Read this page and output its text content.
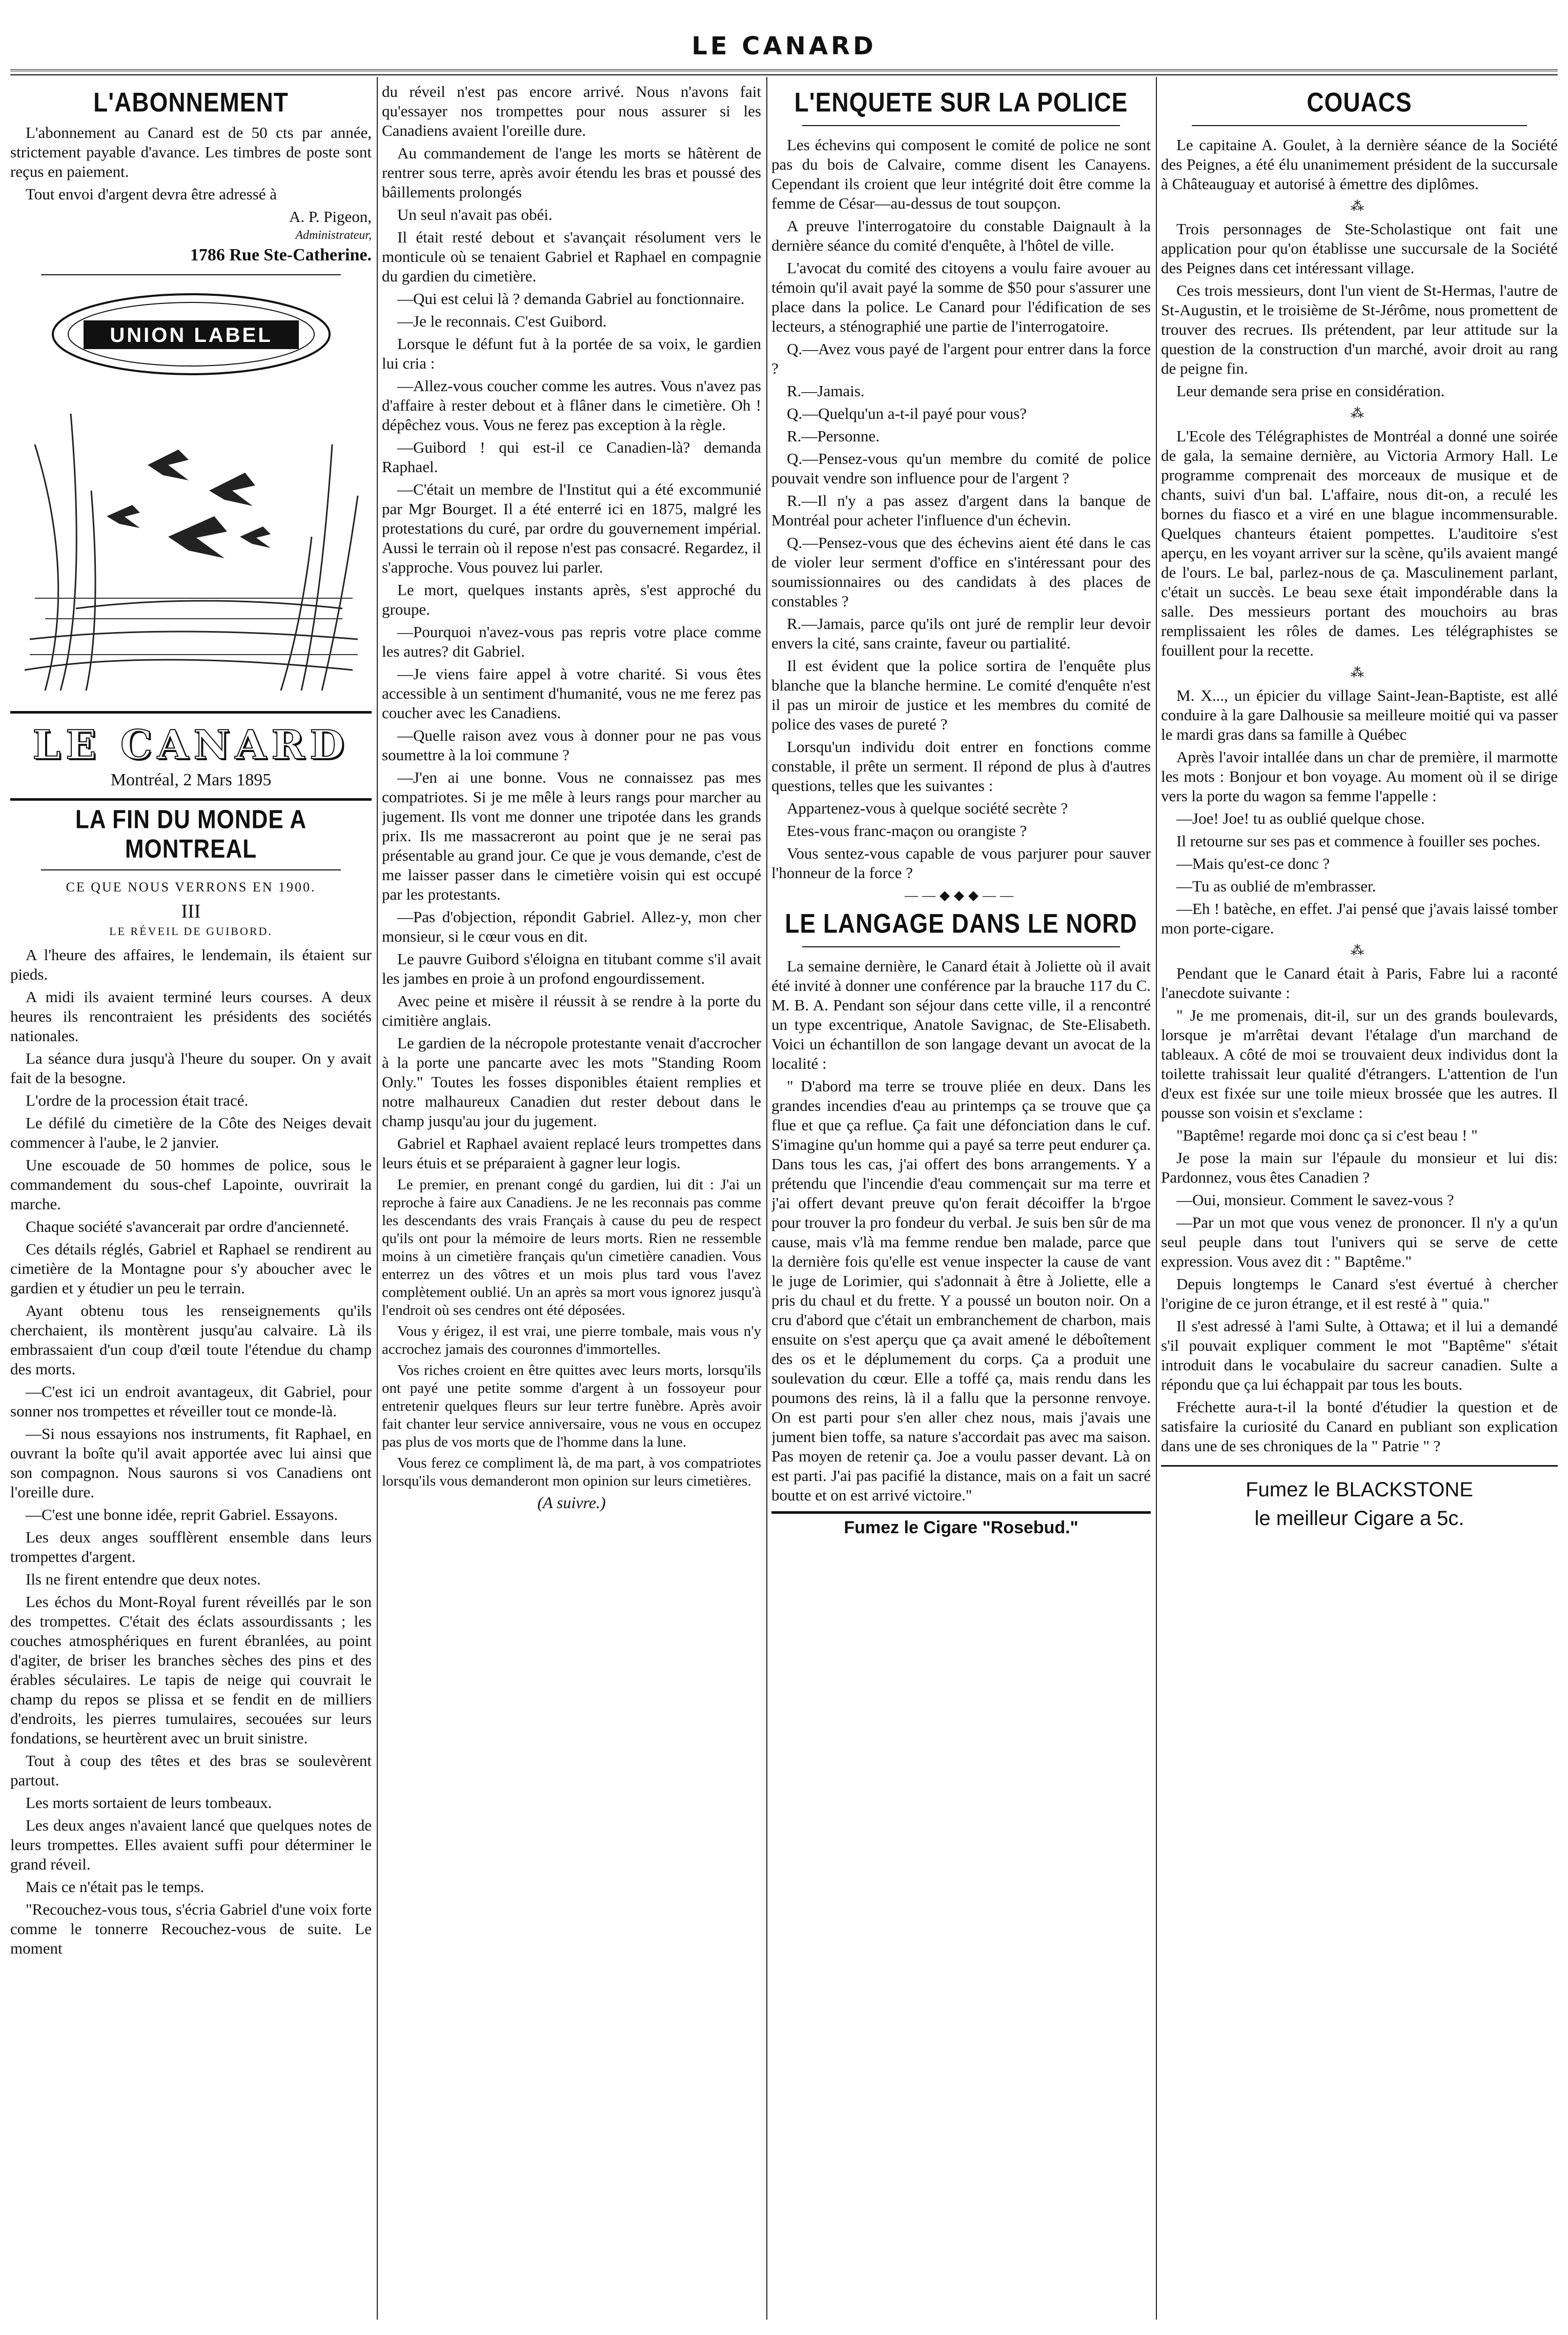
LE CANARD
L'ABONNEMENT

L'abonnement au Canard est de 50 cts par année, strictement payable d'avance. Les timbres de poste sont reçus en paiement.

Tout envoi d'argent devra être adressé à

A. P. Pigeon,
Administrateur,
1786 Rue Ste-Catherine.
UNION LABEL
LE CANARD
Montréal, 2 Mars 1895
LA FIN DU MONDE A MONTREAL
CE QUE NOUS VERRONS EN 1900.
III
LE RÉVEIL DE GUIBORD.

A l'heure des affaires, le lendemain, ils étaient sur pieds.

A midi ils avaient terminé leurs courses. A deux heures ils rencontraient les présidents des sociétés nationales.

La séance dura jusqu'à l'heure du souper. On y avait fait de la besogne.

L'ordre de la procession était tracé.

Le défilé du cimetière de la Côte des Neiges devait commencer à l'aube, le 2 janvier.

Une escouade de 50 hommes de police, sous le commandement du sous-chef Lapointe, ouvrirait la marche.

Chaque société s'avancerait par ordre d'ancienneté.

Ces détails réglés, Gabriel et Raphael se rendirent au cimetière de la Montagne pour s'y aboucher avec le gardien et y étudier un peu le terrain.

Ayant obtenu tous les renseignements qu'ils cherchaient, ils montèrent jusqu'au calvaire. Là ils embrassaient d'un coup d'œil toute l'étendue du champ des morts.

—C'est ici un endroit avantageux, dit Gabriel, pour sonner nos trompettes et réveiller tout ce monde-là.

—Si nous essayions nos instruments, fit Raphael, en ouvrant la boîte qu'il avait apportée avec lui ainsi que son compagnon. Nous saurons si vos Canadiens ont l'oreille dure.

—C'est une bonne idée, reprit Gabriel. Essayons.

Les deux anges soufflèrent ensemble dans leurs trompettes d'argent.

Ils ne firent entendre que deux notes.

Les échos du Mont-Royal furent réveillés par le son des trompettes. C'était des éclats assourdissants ; les couches atmosphériques en furent ébranlées, au point d'agiter, de briser les branches sèches des pins et des érables séculaires. Le tapis de neige qui couvrait le champ du repos se plissa et se fendit en de milliers d'endroits, les pierres tumulaires, secouées sur leurs fondations, se heurtèrent avec un bruit sinistre.

Tout à coup des têtes et des bras se soulevèrent partout.

Les morts sortaient de leurs tombeaux.

Les deux anges n'avaient lancé que quelques notes de leurs trompettes. Elles avaient suffi pour déterminer le grand réveil.

Mais ce n'était pas le temps.

"Recouchez-vous tous, s'écria Gabriel d'une voix forte comme le tonnerre Recouchez-vous de suite. Le moment

du réveil n'est pas encore arrivé. Nous n'avons fait qu'essayer nos trompettes pour nous assurer si les Canadiens avaient l'oreille dure.

Au commandement de l'ange les morts se hâtèrent de rentrer sous terre, après avoir étendu les bras et poussé des bâillements prolongés

Un seul n'avait pas obéi.

Il était resté debout et s'avançait résolument vers le monticule où se tenaient Gabriel et Raphael en compagnie du gardien du cimetière.

—Qui est celui là ? demanda Gabriel au fonctionnaire.

—Je le reconnais. C'est Guibord.

Lorsque le défunt fut à la portée de sa voix, le gardien lui cria :

—Allez-vous coucher comme les autres. Vous n'avez pas d'affaire à rester debout et à flâner dans le cimetière. Oh ! dépêchez vous. Vous ne ferez pas exception à la règle.

—Guibord ! qui est-il ce Canadien-là? demanda Raphael.

—C'était un membre de l'Institut qui a été excommunié par Mgr Bourget. Il a été enterré ici en 1875, malgré les protestations du curé, par ordre du gouvernement impérial. Aussi le terrain où il repose n'est pas consacré. Regardez, il s'approche. Vous pouvez lui parler.

Le mort, quelques instants après, s'est approché du groupe.

—Pourquoi n'avez-vous pas repris votre place comme les autres? dit Gabriel.

—Je viens faire appel à votre charité. Si vous êtes accessible à un sentiment d'humanité, vous ne me ferez pas coucher avec les Canadiens.

—Quelle raison avez vous à donner pour ne pas vous soumettre à la loi commune ?

—J'en ai une bonne. Vous ne connaissez pas mes compatriotes. Si je me mêle à leurs rangs pour marcher au jugement. Ils vont me donner une tripotée dans les grands prix. Ils me massacreront au point que je ne serai pas présentable au grand jour. Ce que je vous demande, c'est de me laisser passer dans le cimetière voisin qui est occupé par les protestants.

—Pas d'objection, répondit Gabriel. Allez-y, mon cher monsieur, si le cœur vous en dit.

Le pauvre Guibord s'éloigna en titubant comme s'il avait les jambes en proie à un profond engourdissement.

Avec peine et misère il réussit à se rendre à la porte du cimitière anglais.

Le gardien de la nécropole protestante venait d'accrocher à la porte une pancarte avec les mots "Standing Room Only." Toutes les fosses disponibles étaient remplies et notre malhaureux Canadien dut rester debout dans le champ jusqu'au jour du jugement.

Gabriel et Raphael avaient replacé leurs trompettes dans leurs étuis et se préparaient à gagner leur logis.

Le premier, en prenant congé du gardien, lui dit : J'ai un reproche à faire aux Canadiens. Je ne les reconnais pas comme les descendants des vrais Français à cause du peu de respect qu'ils ont pour la mémoire de leurs morts. Rien ne ressemble moins à un cimetière français qu'un cimetière canadien. Vous enterrez un des vôtres et un mois plus tard vous l'avez complètement oublié. Un an après sa mort vous ignorez jusqu'à l'endroit où ses cendres ont été déposées.

Vous y érigez, il est vrai, une pierre tombale, mais vous n'y accrochez jamais des couronnes d'immortelles.

Vos riches croient en être quittes avec leurs morts, lorsqu'ils ont payé une petite somme d'argent à un fossoyeur pour entretenir quelques fleurs sur leur tertre funèbre. Après avoir fait chanter leur service anniversaire, vous ne vous en occupez pas plus de vos morts que de l'homme dans la lune.

Vous ferez ce compliment là, de ma part, à vos compatriotes lorsqu'ils vous demanderont mon opinion sur leurs cimetières.

(A suivre.)
L'ENQUETE SUR LA POLICE

Les échevins qui composent le comité de police ne sont pas du bois de Calvaire, comme disent les Canayens. Cependant ils croient que leur intégrité doit être comme la femme de César—au-dessus de tout soupçon.

A preuve l'interrogatoire du constable Daignault à la dernière séance du comité d'enquête, à l'hôtel de ville.

L'avocat du comité des citoyens a voulu faire avouer au témoin qu'il avait payé la somme de $50 pour s'assurer une place dans la police. Le Canard pour l'édification de ses lecteurs, a sténographié une partie de l'interrogatoire.

Q.—Avez vous payé de l'argent pour entrer dans la force ?

R.—Jamais.

Q.—Quelqu'un a-t-il payé pour vous?

R.—Personne.

Q.—Pensez-vous qu'un membre du comité de police pouvait vendre son influence pour de l'argent ?

R.—Il n'y a pas assez d'argent dans la banque de Montréal pour acheter l'influence d'un échevin.

Q.—Pensez-vous que des échevins aient été dans le cas de violer leur serment d'office en s'intéressant pour des soumissionnaires ou des candidats à des places de constables ?

R.—Jamais, parce qu'ils ont juré de remplir leur devoir envers la cité, sans crainte, faveur ou partialité.

Il est évident que la police sortira de l'enquête plus blanche que la blanche hermine. Le comité d'enquête n'est il pas un miroir de justice et les membres du comité de police des vases de pureté ?

Lorsqu'un individu doit entrer en fonctions comme constable, il prête un serment. Il répond de plus à d'autres questions, telles que les suivantes :

Appartenez-vous à quelque société secrète ?

Etes-vous franc-maçon ou orangiste ?

Vous sentez-vous capable de vous parjurer pour sauver l'honneur de la force ?

——◆◆◆——
LE LANGAGE DANS LE NORD

La semaine dernière, le Canard était à Joliette où il avait été invité à donner une conférence par la brauche 117 du C. M. B. A. Pendant son séjour dans cette ville, il a rencontré un type excentrique, Anatole Savignac, de Ste-Elisabeth. Voici un échantillon de son langage devant un avocat de la localité :

" D'abord ma terre se trouve pliée en deux. Dans les grandes incendies d'eau au printemps ça se trouve que ça flue et que ça reflue. Ça fait une défonciation dans le cuf. S'imagine qu'un homme qui a payé sa terre peut endurer ça. Dans tous les cas, j'ai offert des bons arrangements. Y a prétendu que l'incendie d'eau commençait sur ma terre et j'ai offert devant preuve qu'on ferait décoiffer la b'rgoe pour trouver la pro fondeur du verbal. Je suis ben sûr de ma cause, mais v'là ma femme rendue ben malade, parce que la dernière fois qu'elle est venue inspecter la cause de vant le juge de Lorimier, qui s'adonnait à être à Joliette, elle a pris du chaul et du frette. Y a poussé un bouton noir. On a cru d'abord que c'était un embranchement de charbon, mais ensuite on s'est aperçu que ça avait amené le déboîtement des os et le déplumement du corps. Ça a produit une soulevation du cœur. Elle a toffé ça, mais rendu dans les poumons des reins, là il a fallu que la personne renvoye. On est parti pour s'en aller chez nous, mais j'avais une jument bien toffe, sa nature s'accordait pas avec ma saison. Pas moyen de retenir ça. Joe a voulu passer devant. Là on est parti. J'ai pas pacifié la distance, mais on a fait un sacré boutte et on est arrivé victoire."

Fumez le Cigare "Rosebud."
COUACS

Le capitaine A. Goulet, à la dernière séance de la Société des Peignes, a été élu unanimement président de la succursale à Châteauguay et autorisé à émettre des diplômes.

⁂

Trois personnages de Ste-Scholastique ont fait une application pour qu'on établisse une succursale de la Société des Peignes dans cet intéressant village.

Ces trois messieurs, dont l'un vient de St-Hermas, l'autre de St-Augustin, et le troisième de St-Jérôme, nous promettent de trouver des recrues. Ils prétendent, par leur attitude sur la question de la construction d'un marché, avoir droit au rang de peigne fin.

Leur demande sera prise en considération.

⁂

L'Ecole des Télégraphistes de Montréal a donné une soirée de gala, la semaine dernière, au Victoria Armory Hall. Le programme comprenait des morceaux de musique et de chants, suivi d'un bal. L'affaire, nous dit-on, a reculé les bornes du fiasco et a viré en une blague incommensurable. Quelques chanteurs étaient pompettes. L'auditoire s'est aperçu, en les voyant arriver sur la scène, qu'ils avaient mangé de l'ours. Le bal, parlez-nous de ça. Masculinement parlant, c'était un succès. Le beau sexe était impondérable dans la salle. Des messieurs portant des mouchoirs au bras remplissaient les rôles de dames. Les télégraphistes se fouillent pour la recette.

⁂

M. X..., un épicier du village Saint-Jean-Baptiste, est allé conduire à la gare Dalhousie sa meilleure moitié qui va passer le mardi gras dans sa famille à Québec

Après l'avoir intallée dans un char de première, il marmotte les mots : Bonjour et bon voyage. Au moment où il se dirige vers la porte du wagon sa femme l'appelle :

—Joe! Joe! tu as oublié quelque chose.

Il retourne sur ses pas et commence à fouiller ses poches.

—Mais qu'est-ce donc ?

—Tu as oublié de m'embrasser.

—Eh ! batèche, en effet. J'ai pensé que j'avais laissé tomber mon porte-cigare.

⁂

Pendant que le Canard était à Paris, Fabre lui a raconté l'anecdote suivante :

" Je me promenais, dit-il, sur un des grands boulevards, lorsque je m'arrêtai devant l'étalage d'un marchand de tableaux. A côté de moi se trouvaient deux individus dont la toilette trahissait leur qualité d'étrangers. L'attention de l'un d'eux est fixée sur une toile mieux brossée que les autres. Il pousse son voisin et s'exclame :

"Baptême! regarde moi donc ça si c'est beau ! "

Je pose la main sur l'épaule du monsieur et lui dis: Pardonnez, vous êtes Canadien ?

—Oui, monsieur. Comment le savez-vous ?

—Par un mot que vous venez de prononcer. Il n'y a qu'un seul peuple dans tout l'univers qui se serve de cette expression. Vous avez dit : " Baptême."

Depuis longtemps le Canard s'est évertué à chercher l'origine de ce juron étrange, et il est resté à " quia."

Il s'est adressé à l'ami Sulte, à Ottawa; et il lui a demandé s'il pouvait expliquer comment le mot "Baptême" s'était introduit dans le vocabulaire du sacreur canadien. Sulte a répondu que ça lui échappait par tous les bouts.

Fréchette aura-t-il la bonté d'étudier la question et de satisfaire la curiosité du Canard en publiant son explication dans une de ses chroniques de la " Patrie " ?

Fumez le BLACKSTONE
le meilleur Cigare a 5c.
